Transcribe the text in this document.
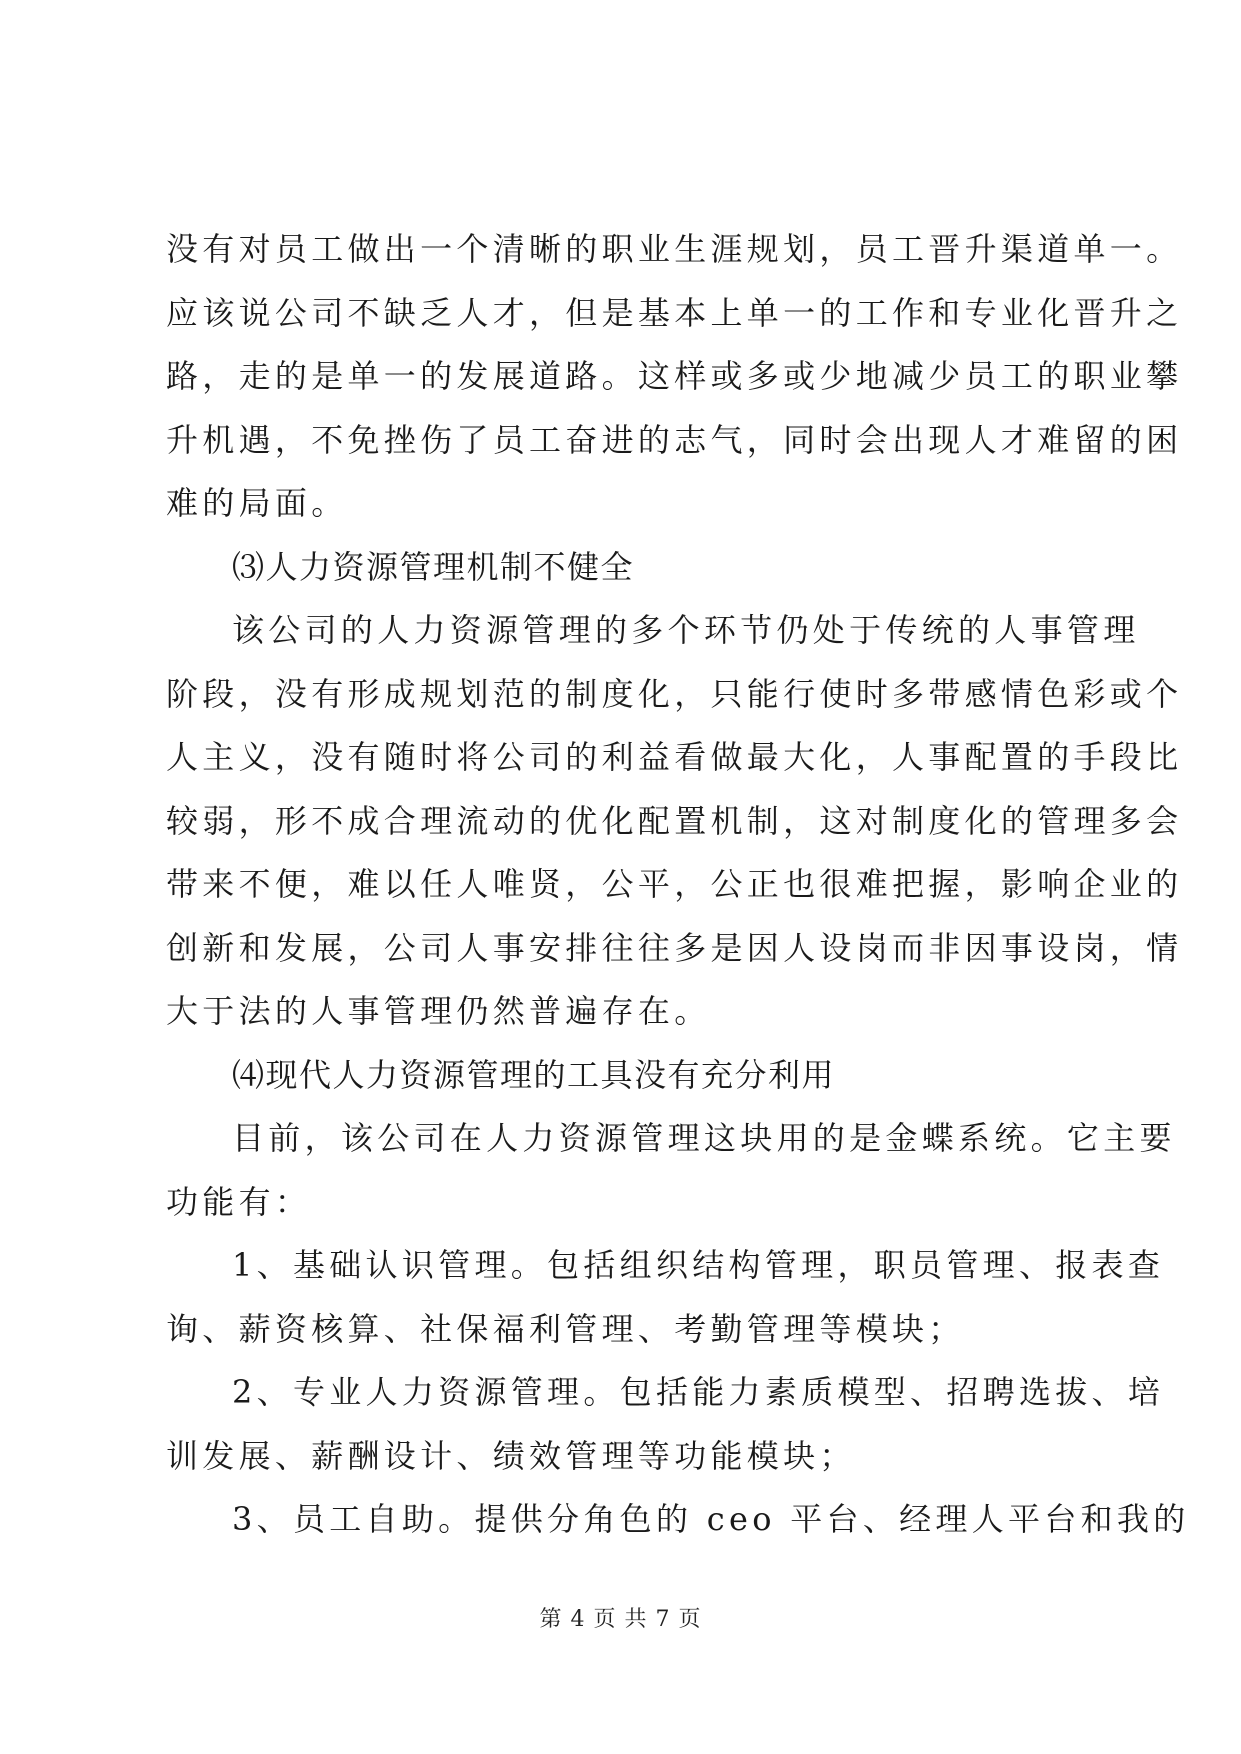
没有对员工做出一个清晰的职业生涯规划，员工晋升渠道单一。
应该说公司不缺乏人才，但是基本上单一的工作和专业化晋升之
路，走的是单一的发展道路。这样或多或少地减少员工的职业攀
升机遇，不免挫伤了员工奋进的志气，同时会出现人才难留的困
难的局面。
⑶人力资源管理机制不健全
该公司的人力资源管理的多个环节仍处于传统的人事管理
阶段，没有形成规划范的制度化，只能行使时多带感情色彩或个
人主义，没有随时将公司的利益看做最大化，人事配置的手段比
较弱，形不成合理流动的优化配置机制，这对制度化的管理多会
带来不便，难以任人唯贤，公平，公正也很难把握，影响企业的
创新和发展，公司人事安排往往多是因人设岗而非因事设岗，情
大于法的人事管理仍然普遍存在。
⑷现代人力资源管理的工具没有充分利用
目前，该公司在人力资源管理这块用的是金蝶系统。它主要
功能有：
1、基础认识管理。包括组织结构管理，职员管理、报表查
询、薪资核算、社保福利管理、考勤管理等模块；
2、专业人力资源管理。包括能力素质模型、招聘选拔、培
训发展、薪酬设计、绩效管理等功能模块；
3、员工自助。提供分角色的 ceo 平台、经理人平台和我的
第 4 页 共 7 页
